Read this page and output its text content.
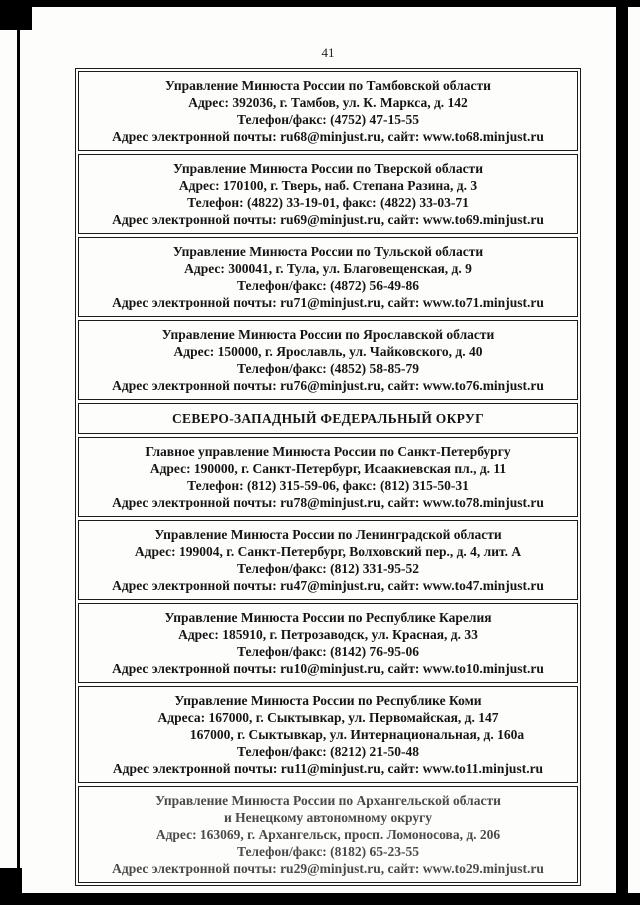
41

Управление Минюста России по Тамбовской области

Адрес: 392036, г. Тамбов, ул. К. Маркса, д. 142

Телефон/факс: (4752) 47-15-55

Адрес электронной почты: ru68@minjust.ru, сайт: www.to68.minjust.ru

Управление Минюста России по Тверской области

Адрес: 170100, г. Тверь, наб. Степана Разина, д. 3

Телефон: (4822) 33-19-01, факс: (4822) 33-03-71

Адрес электронной почты: ru69@minjust.ru, сайт: www.to69.minjust.ru

Управление Минюста России по Тульской области

Адрес: 300041, г. Тула, ул. Благовещенская, д. 9

Телефон/факс: (4872) 56-49-86

Адрес электронной почты: ru71@minjust.ru, сайт: www.to71.minjust.ru

Управление Минюста России по Ярославской области

Адрес: 150000, г. Ярославль, ул. Чайковского, д. 40

Телефон/факс: (4852) 58-85-79

Адрес электронной почты: ru76@minjust.ru, сайт: www.to76.minjust.ru

СЕВЕРО-ЗАПАДНЫЙ ФЕДЕРАЛЬНЫЙ ОКРУГ

Главное управление Минюста России по Санкт-Петербургу

Адрес: 190000, г. Санкт-Петербург, Исаакиевская пл., д. 11

Телефон: (812) 315-59-06, факс: (812) 315-50-31

Адрес электронной почты: ru78@minjust.ru, сайт: www.to78.minjust.ru

Управление Минюста России по Ленинградской области

Адрес: 199004, г. Санкт-Петербург, Волховский пер., д. 4, лит. А

Телефон/факс: (812) 331-95-52

Адрес электронной почты: ru47@minjust.ru, сайт: www.to47.minjust.ru

Управление Минюста России по Республике Карелия

Адрес: 185910, г. Петрозаводск, ул. Красная, д. 33

Телефон/факс: (8142) 76-95-06

Адрес электронной почты: ru10@minjust.ru, сайт: www.to10.minjust.ru

Управление Минюста России по Республике Коми

Адреса: 167000, г. Сыктывкар, ул. Первомайская, д. 147

167000, г. Сыктывкар, ул. Интернациональная, д. 160а

Телефон/факс: (8212) 21-50-48

Адрес электронной почты: ru11@minjust.ru, сайт: www.to11.minjust.ru

Управление Минюста России по Архангельской области

и Ненецкому автономному округу

Адрес: 163069, г. Архангельск, просп. Ломоносова, д. 206

Телефон/факс: (8182) 65-23-55

Адрес электронной почты: ru29@minjust.ru, сайт: www.to29.minjust.ru
